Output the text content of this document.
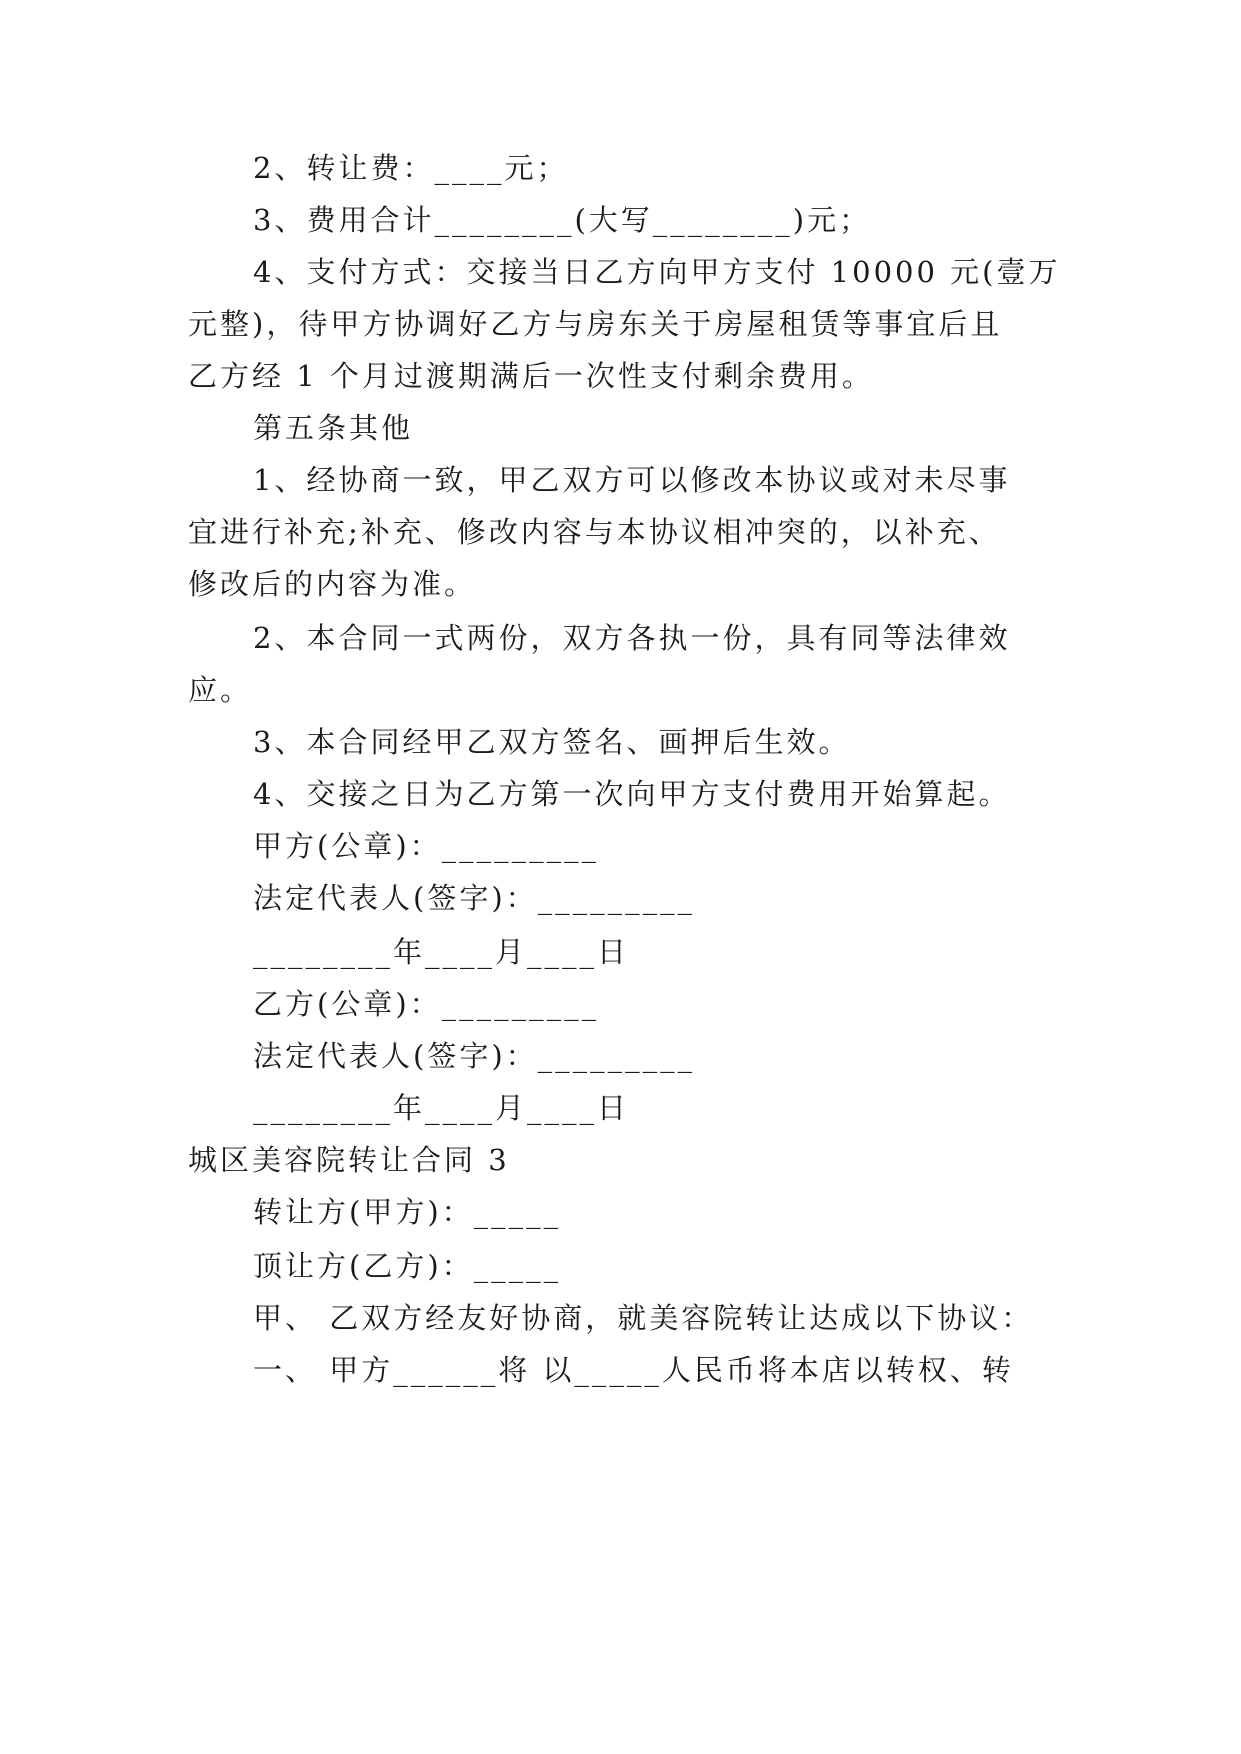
2、转让费：____元；
3、费用合计________(大写________)元；
4、支付方式：交接当日乙方向甲方支付 10000 元(壹万
元整)，待甲方协调好乙方与房东关于房屋租赁等事宜后且
乙方经 1 个月过渡期满后一次性支付剩余费用。
第五条其他
1、经协商一致，甲乙双方可以修改本协议或对未尽事
宜进行补充;补充、修改内容与本协议相冲突的，以补充、
修改后的内容为准。
2、本合同一式两份，双方各执一份，具有同等法律效
应。
3、本合同经甲乙双方签名、画押后生效。
4、交接之日为乙方第一次向甲方支付费用开始算起。
甲方(公章)：_________
法定代表人(签字)：_________
________年____月____日
乙方(公章)：_________
法定代表人(签字)：_________
________年____月____日
城区美容院转让合同 3
转让方(甲方)：_____
顶让方(乙方)：_____
甲、 乙双方经友好协商，就美容院转让达成以下协议：
一、 甲方______将 以_____人民币将本店以转权、转
